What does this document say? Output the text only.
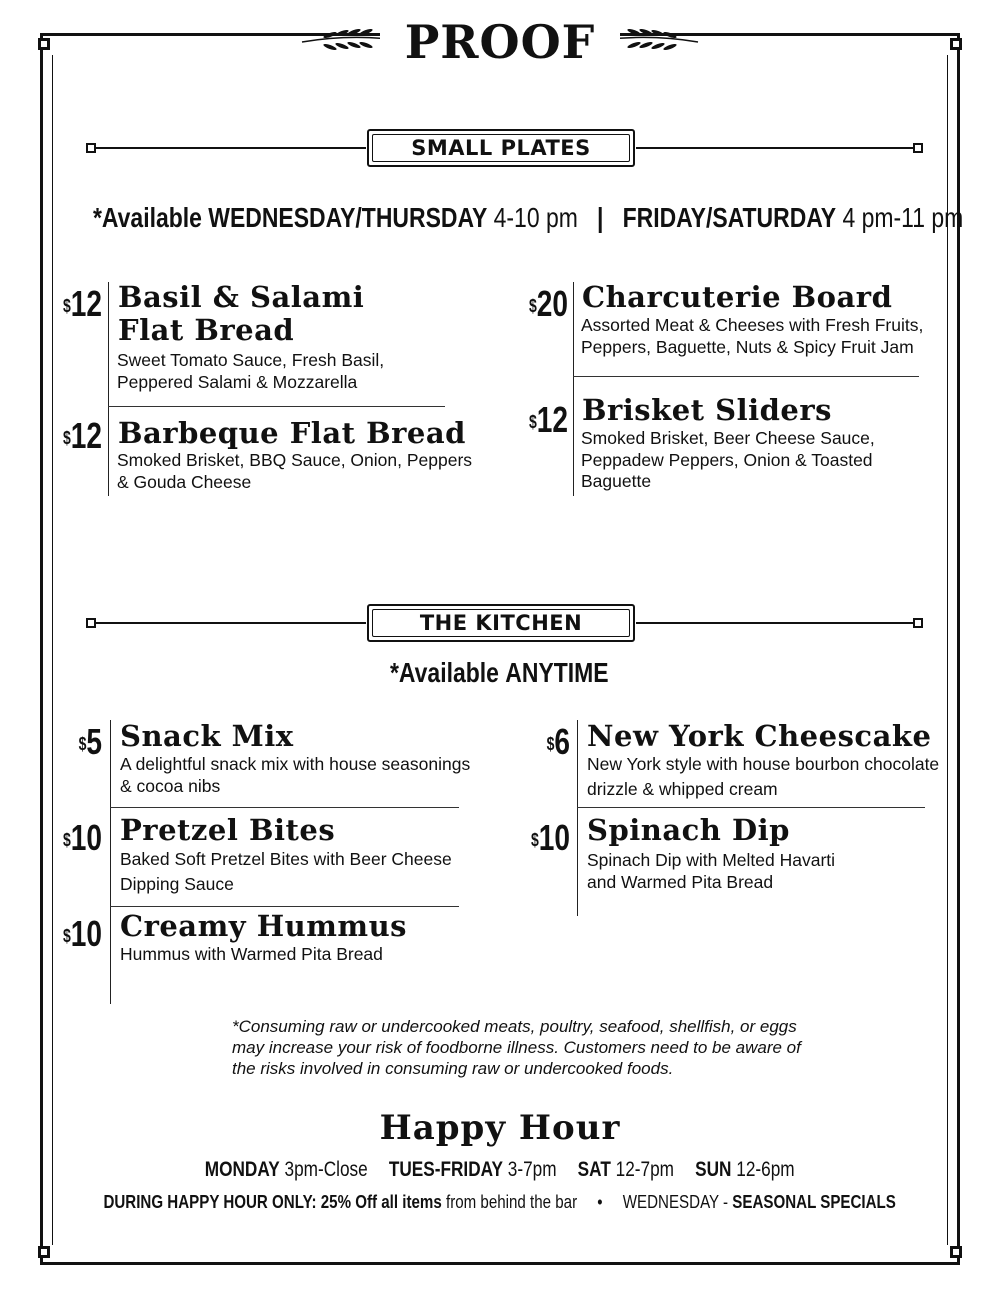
PROOF
SMALL PLATES
*Available WEDNESDAY/THURSDAY 4-10 pm | FRIDAY/SATURDAY 4 pm-11 pm
$12 Basil & Salami
Flat Bread
Sweet Tomato Sauce, Fresh Basil,
Peppered Salami & Mozzarella
$12 Barbeque Flat Bread
Smoked Brisket, BBQ Sauce, Onion, Peppers
& Gouda Cheese
$20 Charcuterie Board
Assorted Meat & Cheeses with Fresh Fruits,
Peppers, Baguette, Nuts & Spicy Fruit Jam
$12 Brisket Sliders
Smoked Brisket, Beer Cheese Sauce,
Peppadew Peppers, Onion & Toasted
Baguette
THE KITCHEN
*Available ANYTIME
$5 Snack Mix
A delightful snack mix with house seasonings
& cocoa nibs
$10 Pretzel Bites
Baked Soft Pretzel Bites with Beer Cheese
Dipping Sauce
$10 Creamy Hummus
Hummus with Warmed Pita Bread
$6 New York Cheescake
New York style with house bourbon chocolate
drizzle & whipped cream
$10 Spinach Dip
Spinach Dip with Melted Havarti
and Warmed Pita Bread
*Consuming raw or undercooked meats, poultry, seafood, shellfish, or eggs
may increase your risk of foodborne illness. Customers need to be aware of
the risks involved in consuming raw or undercooked foods.
Happy Hour
MONDAY 3pm-Close TUES-FRIDAY 3-7pm SAT 12-7pm SUN 12-6pm
DURING HAPPY HOUR ONLY: 25% Off all items from behind the bar • WEDNESDAY - SEASONAL SPECIALS
